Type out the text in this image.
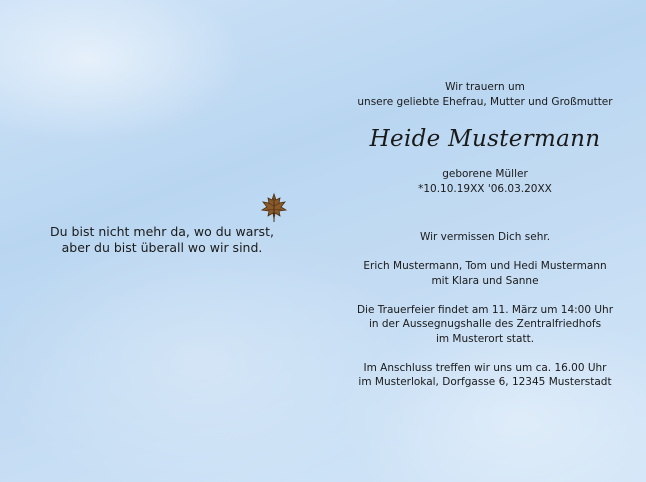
Du bist nicht mehr da, wo du warst,
aber du bist überall wo wir sind.
Wir trauern um
unsere geliebte Ehefrau, Mutter und Großmutter
Heide Mustermann
geborene Müller
*10.10.19XX '06.03.20XX
Wir vermissen Dich sehr.
Erich Mustermann, Tom und Hedi Mustermann
mit Klara und Sanne
Die Trauerfeier findet am 11. März um 14:00 Uhr
in der Aussegnugshalle des Zentralfriedhofs
im Musterort statt.
Im Anschluss treffen wir uns um ca. 16.00 Uhr
im Musterlokal, Dorfgasse 6, 12345 Musterstadt
